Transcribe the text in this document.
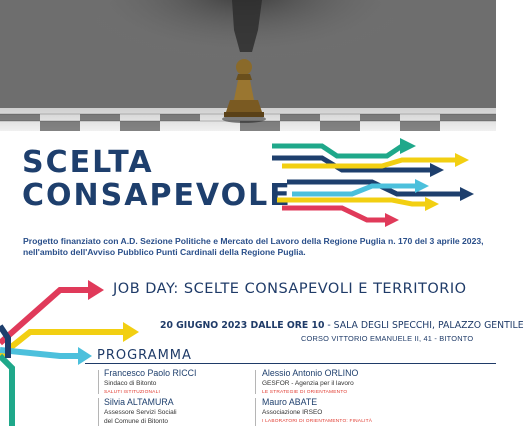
SCELTA
CONSAPEVOLE
Progetto finanziato con A.D. Sezione Politiche e Mercato del Lavoro della Regione Puglia n. 170 del 3 aprile 2023,
nell'ambito dell'Avviso Pubblico Punti Cardinali della Regione Puglia.
JOB DAY: SCELTE CONSAPEVOLI E TERRITORIO
20 GIUGNO 2023 DALLE ORE 10 - SALA DEGLI SPECCHI, PALAZZO GENTILE
CORSO VITTORIO EMANUELE II, 41 - BITONTO
PROGRAMMA
Francesco Paolo RICCI
Sindaco di Bitonto
SALUTI ISTITUZIONALI
Silvia ALTAMURA
Assessore Servizi Sociali
del Comune di Bitonto
Alessio Antonio ORLINO
GESFOR - Agenzia per il lavoro
LE STRATEGIE DI ORIENTAMENTO
Mauro ABATE
Associazione IRSEO
I LABORATORI DI ORIENTAMENTO: FINALITÀ
